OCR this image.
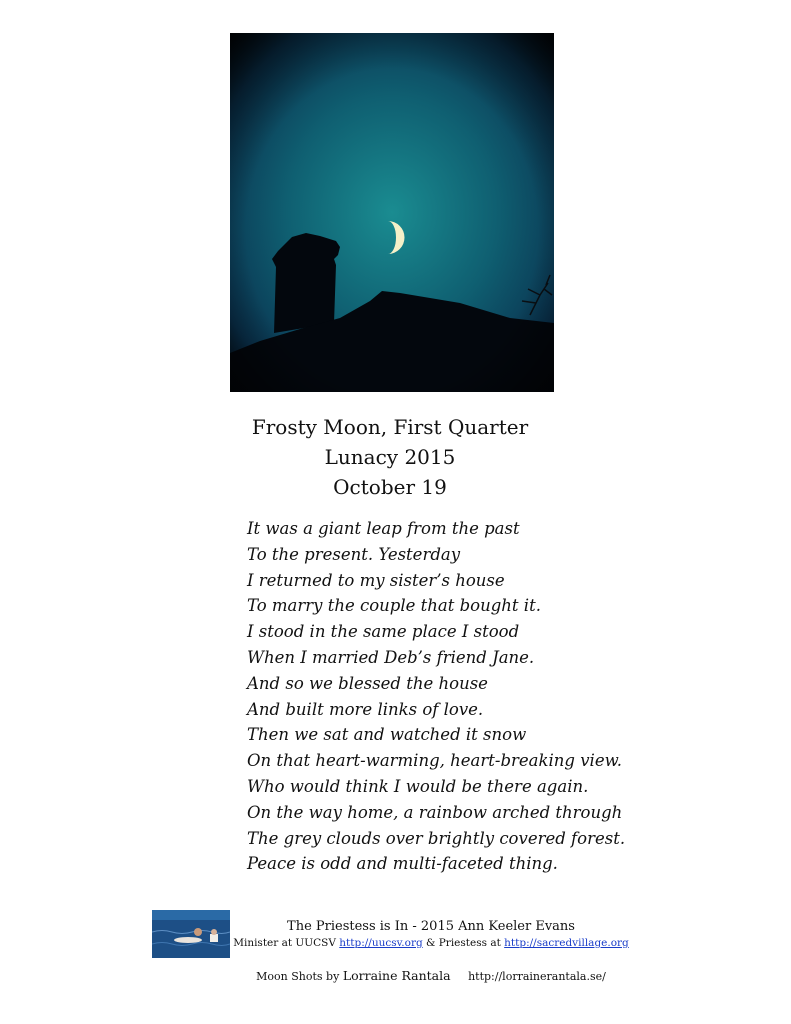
Frosty Moon, First Quarter
Lunacy 2015
October 19
It was a giant leap from the past
To the present. Yesterday
I returned to my sister’s house
To marry the couple that bought it.
I stood in the same place I stood
When I married Deb’s friend Jane.
And so we blessed the house
And built more links of love.
Then we sat and watched it snow
On that heart-warming, heart-breaking view.
Who would think I would be there again.
On the way home, a rainbow arched through
The grey clouds over brightly covered forest.
Peace is odd and multi-faceted thing.
The Priestess is In - 2015 Ann Keeler Evans
Minister at UUCSV http://uucsv.org & Priestess at http://sacredvillage.org
Moon Shots by Lorraine Rantala http://lorrainerantala.se/
